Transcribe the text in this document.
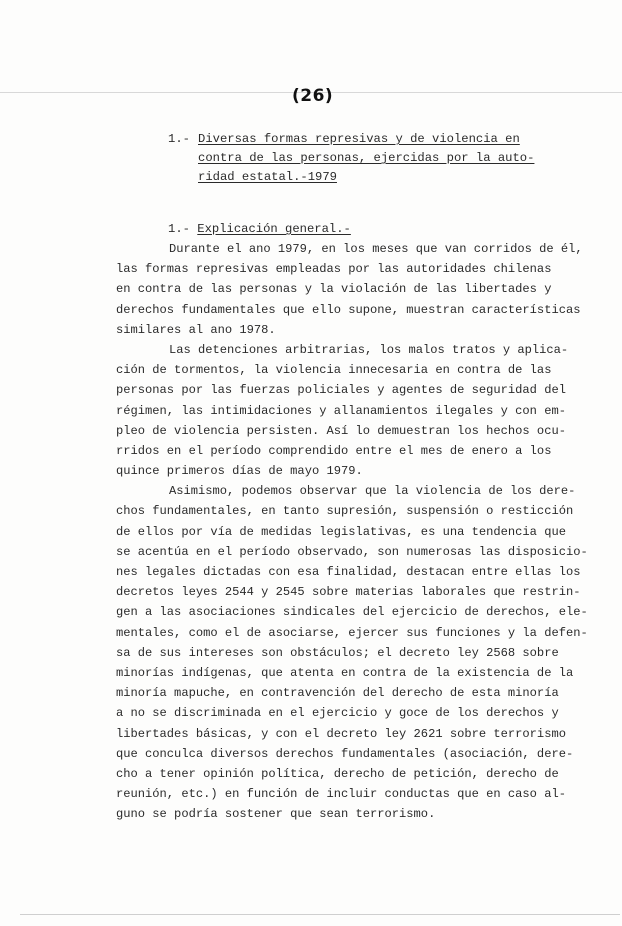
(26)
1.- Diversas formas represivas y de violencia en
contra de las personas, ejercidas por la auto-
ridad estatal.-1979
1.- Explicación general.-
Durante el ano 1979, en los meses que van corridos de él,
las formas represivas empleadas por las autoridades chilenas
en contra de las personas y la violación de las libertades y
derechos fundamentales que ello supone, muestran características
similares al ano 1978.
Las detenciones arbitrarias, los malos tratos y aplica-
ción de tormentos, la violencia innecesaria en contra de las
personas por las fuerzas policiales y agentes de seguridad del
régimen, las intimidaciones y allanamientos ilegales y con em-
pleo de violencia persisten. Así lo demuestran los hechos ocu-
rridos en el período comprendido entre el mes de enero a los
quince primeros días de mayo 1979.
Asimismo, podemos observar que la violencia de los dere-
chos fundamentales, en tanto supresión, suspensión o resticción
de ellos por vía de medidas legislativas, es una tendencia que
se acentúa en el período observado, son numerosas las disposicio-
nes legales dictadas con esa finalidad, destacan entre ellas los
decretos leyes 2544 y 2545 sobre materias laborales que restrin-
gen a las asociaciones sindicales del ejercicio de derechos, ele-
mentales, como el de asociarse, ejercer sus funciones y la defen-
sa de sus intereses son obstáculos; el decreto ley 2568 sobre
minorías indígenas, que atenta en contra de la existencia de la
minoría mapuche, en contravención del derecho de esta minoría
a no se discriminada en el ejercicio y goce de los derechos y
libertades básicas, y con el decreto ley 2621 sobre terrorismo
que conculca diversos derechos fundamentales (asociación, dere-
cho a tener opinión política, derecho de petición, derecho de
reunión, etc.) en función de incluir conductas que en caso al-
guno se podría sostener que sean terrorismo.
